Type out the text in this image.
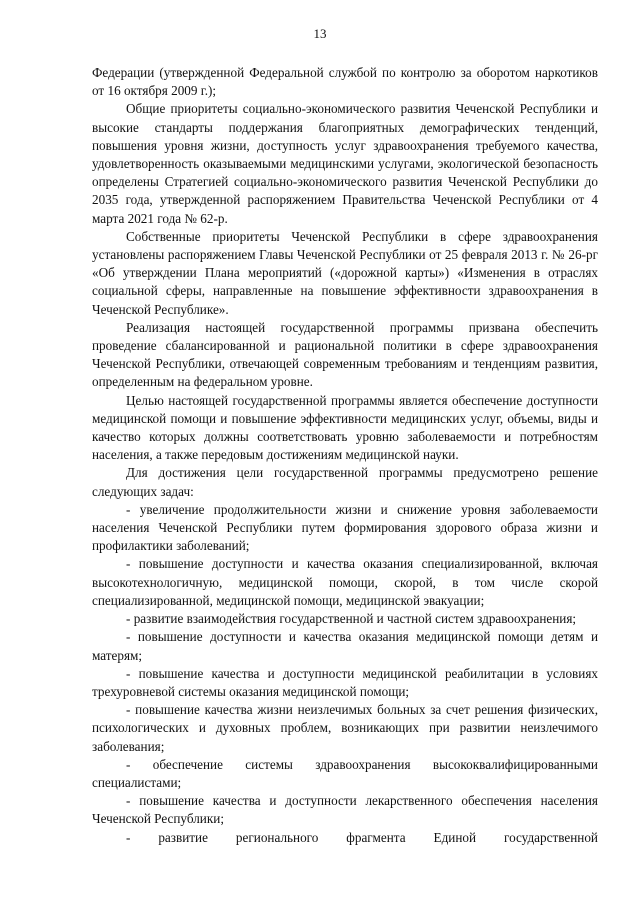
13

Федерации (утвержденной Федеральной службой по контролю за оборотом наркотиков от 16 октября 2009 г.);

Общие приоритеты социально-экономического развития Чеченской Республики и высокие стандарты поддержания благоприятных демографических тенденций, повышения уровня жизни, доступность услуг здравоохранения требуемого качества, удовлетворенность оказываемыми медицинскими услугами, экологической безопасность определены Стратегией социально-экономического развития Чеченской Республики до 2035 года, утвержденной распоряжением Правительства Чеченской Республики от 4 марта 2021 года № 62-р.

Собственные приоритеты Чеченской Республики в сфере здравоохранения установлены распоряжением Главы Чеченской Республики от 25 февраля 2013 г. № 26-рг «Об утверждении Плана мероприятий («дорожной карты») «Изменения в отраслях социальной сферы, направленные на повышение эффективности здравоохранения в Чеченской Республике».

Реализация настоящей государственной программы призвана обеспечить проведение сбалансированной и рациональной политики в сфере здравоохранения Чеченской Республики, отвечающей современным требованиям и тенденциям развития, определенным на федеральном уровне.

Целью настоящей государственной программы является обеспечение доступности медицинской помощи и повышение эффективности медицинских услуг, объемы, виды и качество которых должны соответствовать уровню заболеваемости и потребностям населения, а также передовым достижениям медицинской науки.

Для достижения цели государственной программы предусмотрено решение следующих задач:

- увеличение продолжительности жизни и снижение уровня заболеваемости населения Чеченской Республики путем формирования здорового образа жизни и профилактики заболеваний;

- повышение доступности и качества оказания специализированной, включая высокотехнологичную, медицинской помощи, скорой, в том числе скорой специализированной, медицинской помощи, медицинской эвакуации;

- развитие взаимодействия государственной и частной систем здравоохранения;

- повышение доступности и качества оказания медицинской помощи детям и матерям;

- повышение качества и доступности медицинской реабилитации в условиях трехуровневой системы оказания медицинской помощи;

- повышение качества жизни неизлечимых больных за счет решения физических, психологических и духовных проблем, возникающих при развитии неизлечимого заболевания;

- обеспечение системы здравоохранения высококвалифицированными специалистами;

- повышение качества и доступности лекарственного обеспечения населения Чеченской Республики;

- развитие регионального фрагмента Единой государственной
